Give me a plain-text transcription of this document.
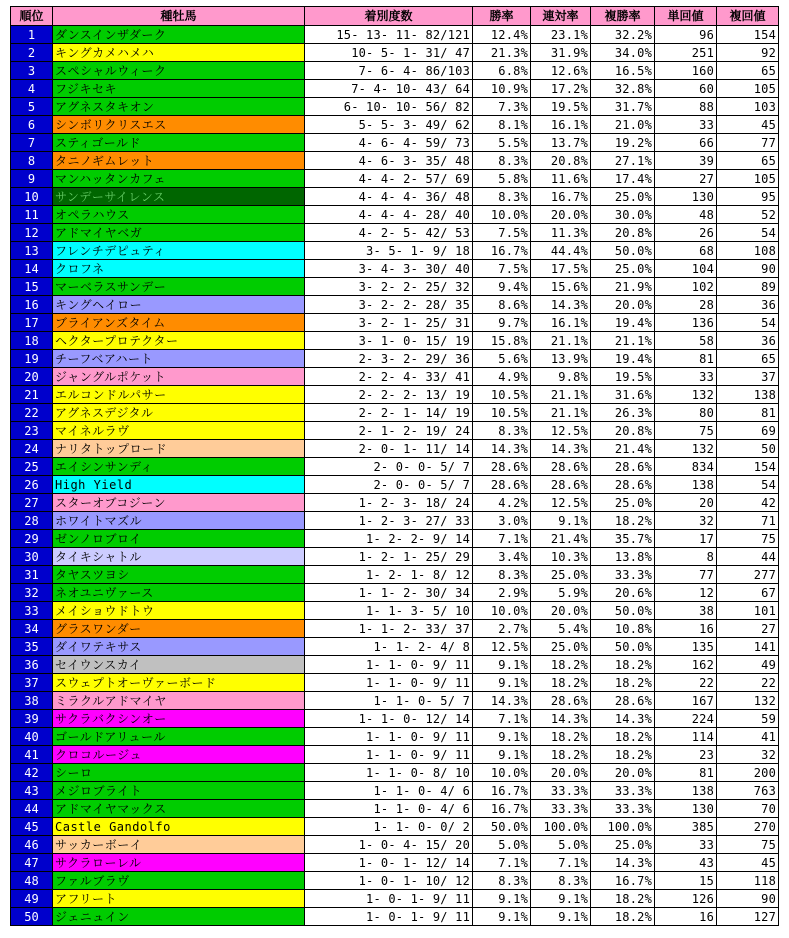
順位	種牡馬	着別度数	勝率	連対率	複勝率	単回値	複回値
1	ダンスインザダーク	15- 13- 11- 82/121	12.4%	23.1%	32.2%	96	154
2	キングカメハメハ	10- 5- 1- 31/ 47	21.3%	31.9%	34.0%	251	92
3	スペシャルウィーク	7- 6- 4- 86/103	6.8%	12.6%	16.5%	160	65
4	フジキセキ	7- 4- 10- 43/ 64	10.9%	17.2%	32.8%	60	105
5	アグネスタキオン	6- 10- 10- 56/ 82	7.3%	19.5%	31.7%	88	103
6	シンボリクリスエス	5- 5- 3- 49/ 62	8.1%	16.1%	21.0%	33	45
7	スティゴールド	4- 6- 4- 59/ 73	5.5%	13.7%	19.2%	66	77
8	タニノギムレット	4- 6- 3- 35/ 48	8.3%	20.8%	27.1%	39	65
9	マンハッタンカフェ	4- 4- 2- 57/ 69	5.8%	11.6%	17.4%	27	105
10	サンデーサイレンス	4- 4- 4- 36/ 48	8.3%	16.7%	25.0%	130	95
11	オペラハウス	4- 4- 4- 28/ 40	10.0%	20.0%	30.0%	48	52
12	アドマイヤベガ	4- 2- 5- 42/ 53	7.5%	11.3%	20.8%	26	54
13	フレンチデピュティ	3- 5- 1- 9/ 18	16.7%	44.4%	50.0%	68	108
14	クロフネ	3- 4- 3- 30/ 40	7.5%	17.5%	25.0%	104	90
15	マーベラスサンデー	3- 2- 2- 25/ 32	9.4%	15.6%	21.9%	102	89
16	キングヘイロー	3- 2- 2- 28/ 35	8.6%	14.3%	20.0%	28	36
17	ブライアンズタイム	3- 2- 1- 25/ 31	9.7%	16.1%	19.4%	136	54
18	ヘクタープロテクター	3- 1- 0- 15/ 19	15.8%	21.1%	21.1%	58	36
19	チーフベアハート	2- 3- 2- 29/ 36	5.6%	13.9%	19.4%	81	65
20	ジャングルポケット	2- 2- 4- 33/ 41	4.9%	9.8%	19.5%	33	37
21	エルコンドルパサー	2- 2- 2- 13/ 19	10.5%	21.1%	31.6%	132	138
22	アグネスデジタル	2- 2- 1- 14/ 19	10.5%	21.1%	26.3%	80	81
23	マイネルラヴ	2- 1- 2- 19/ 24	8.3%	12.5%	20.8%	75	69
24	ナリタトップロード	2- 0- 1- 11/ 14	14.3%	14.3%	21.4%	132	50
25	エイシンサンディ	2- 0- 0- 5/ 7	28.6%	28.6%	28.6%	834	154
26	High Yield	2- 0- 0- 5/ 7	28.6%	28.6%	28.6%	138	54
27	スターオブコジーン	1- 2- 3- 18/ 24	4.2%	12.5%	25.0%	20	42
28	ホワイトマズル	1- 2- 3- 27/ 33	3.0%	9.1%	18.2%	32	71
29	ゼンノロブロイ	1- 2- 2- 9/ 14	7.1%	21.4%	35.7%	17	75
30	タイキシャトル	1- 2- 1- 25/ 29	3.4%	10.3%	13.8%	8	44
31	タヤスツヨシ	1- 2- 1- 8/ 12	8.3%	25.0%	33.3%	77	277
32	ネオユニヴァース	1- 1- 2- 30/ 34	2.9%	5.9%	20.6%	12	67
33	メイショウドトウ	1- 1- 3- 5/ 10	10.0%	20.0%	50.0%	38	101
34	グラスワンダー	1- 1- 2- 33/ 37	2.7%	5.4%	10.8%	16	27
35	ダイワテキサス	1- 1- 2- 4/ 8	12.5%	25.0%	50.0%	135	141
36	セイウンスカイ	1- 1- 0- 9/ 11	9.1%	18.2%	18.2%	162	49
37	スウェプトオーヴァーボード	1- 1- 0- 9/ 11	9.1%	18.2%	18.2%	22	22
38	ミラクルアドマイヤ	1- 1- 0- 5/ 7	14.3%	28.6%	28.6%	167	132
39	サクラバクシンオー	1- 1- 0- 12/ 14	7.1%	14.3%	14.3%	224	59
40	ゴールドアリュール	1- 1- 0- 9/ 11	9.1%	18.2%	18.2%	114	41
41	クロコルージュ	1- 1- 0- 9/ 11	9.1%	18.2%	18.2%	23	32
42	シーロ	1- 1- 0- 8/ 10	10.0%	20.0%	20.0%	81	200
43	メジロブライト	1- 1- 0- 4/ 6	16.7%	33.3%	33.3%	138	763
44	アドマイヤマックス	1- 1- 0- 4/ 6	16.7%	33.3%	33.3%	130	70
45	Castle Gandolfo	1- 1- 0- 0/ 2	50.0%	100.0%	100.0%	385	270
46	サッカーボーイ	1- 0- 4- 15/ 20	5.0%	5.0%	25.0%	33	75
47	サクラローレル	1- 0- 1- 12/ 14	7.1%	7.1%	14.3%	43	45
48	ファルブラヴ	1- 0- 1- 10/ 12	8.3%	8.3%	16.7%	15	118
49	アフリート	1- 0- 1- 9/ 11	9.1%	9.1%	18.2%	126	90
50	ジェニュイン	1- 0- 1- 9/ 11	9.1%	9.1%	18.2%	16	127
